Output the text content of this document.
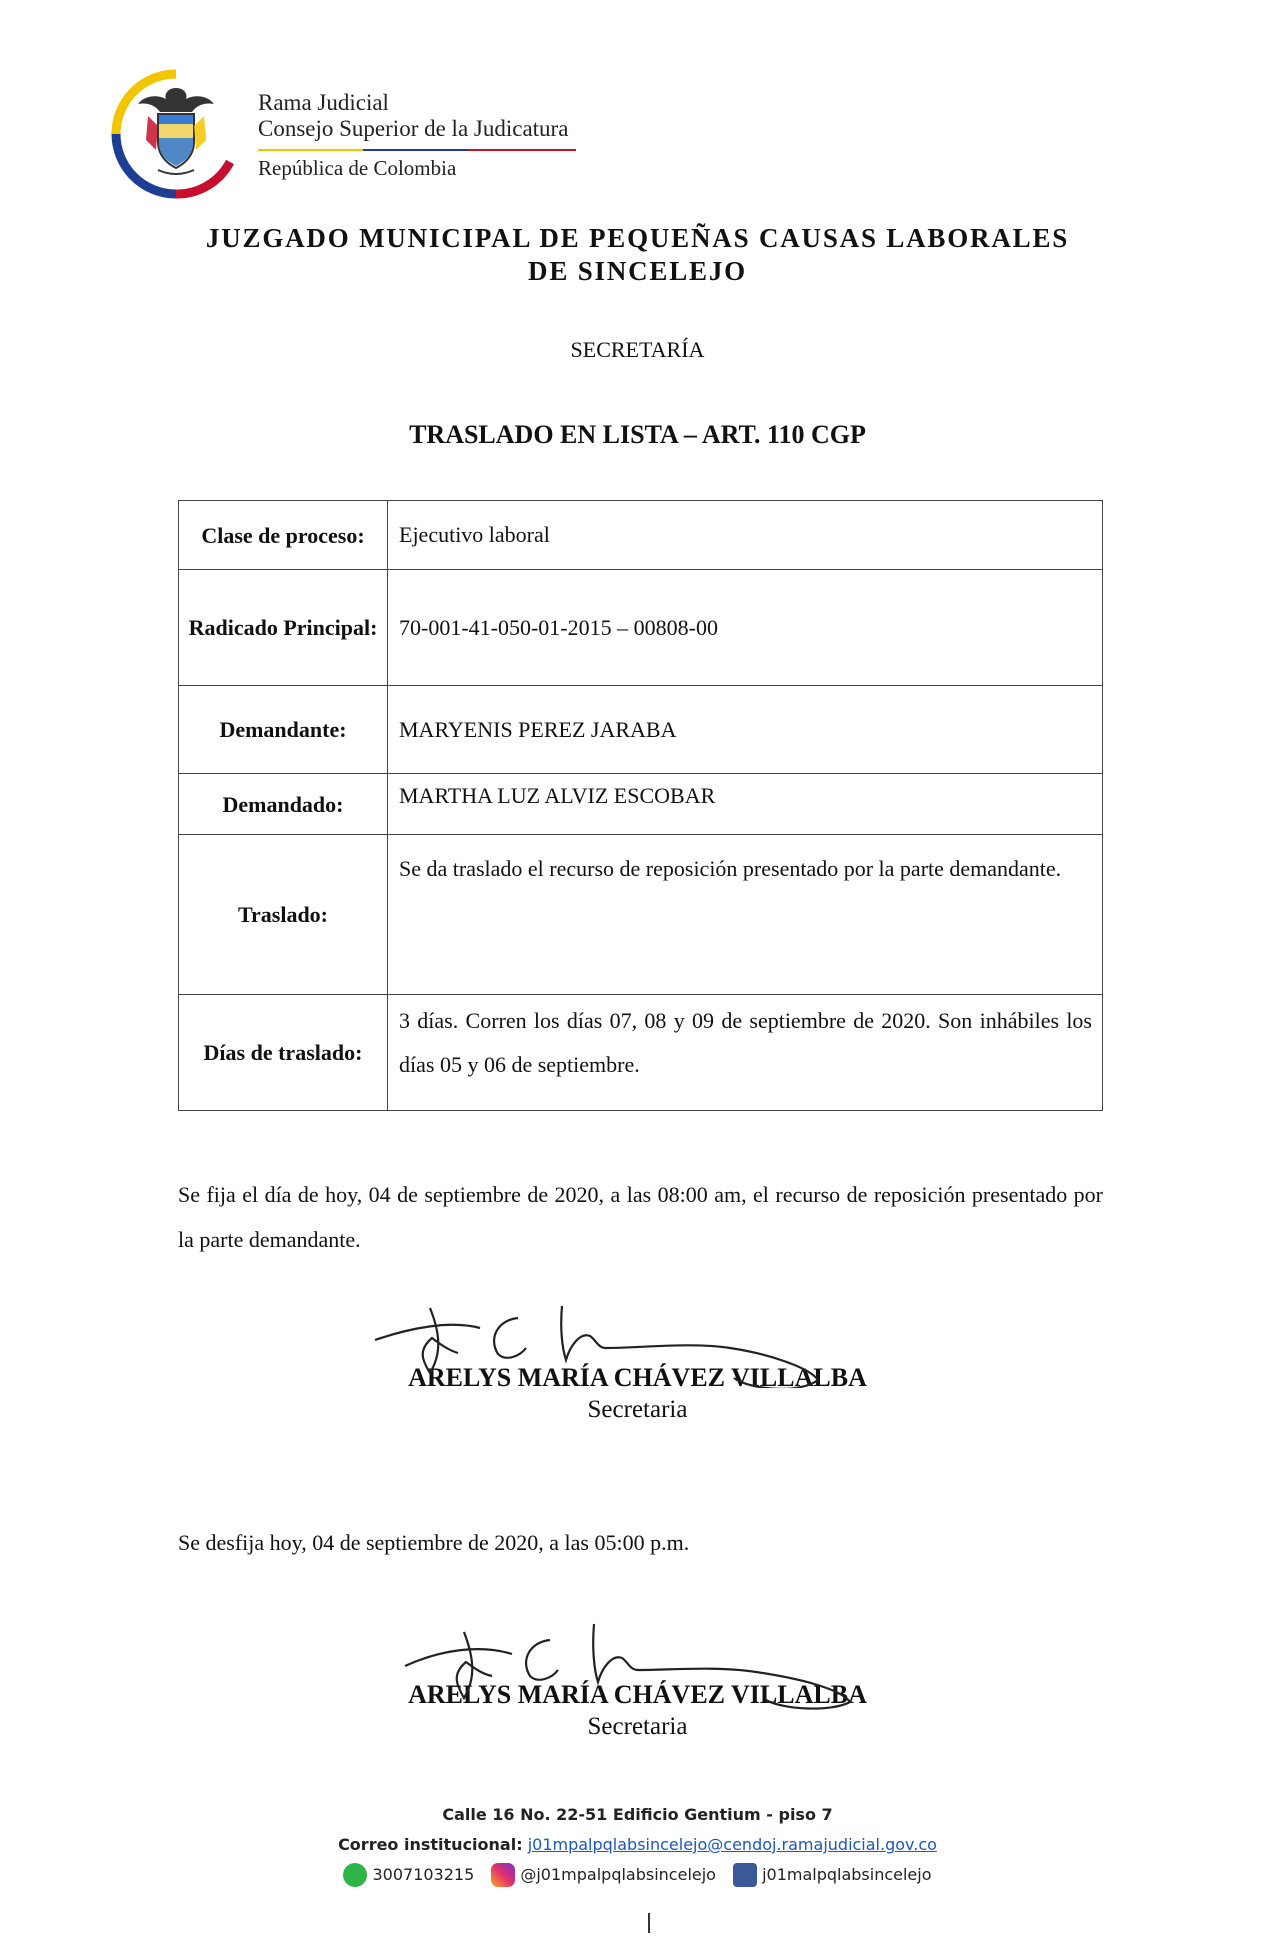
Rama Judicial
Consejo Superior de la Judicatura
República de Colombia
JUZGADO MUNICIPAL DE PEQUEÑAS CAUSAS LABORALES
DE SINCELEJO
SECRETARÍA
TRASLADO EN LISTA – ART. 110 CGP
Clase de proceso:	Ejecutivo laboral
Radicado Principal:	70-001-41-050-01-2015 – 00808-00
Demandante:	MARYENIS PEREZ JARABA
Demandado:	MARTHA LUZ ALVIZ ESCOBAR
Traslado:	Se da traslado el recurso de reposición presentado por la parte demandante.
Días de traslado:	3 días. Corren los días 07, 08 y 09 de septiembre de 2020. Son inhábiles los días 05 y 06 de septiembre.
Se fija el día de hoy, 04 de septiembre de 2020, a las 08:00 am, el recurso de reposición presentado por la parte demandante.
ARELYS MARÍA CHÁVEZ VILLALBA
Secretaria
Se desfija hoy, 04 de septiembre de 2020, a las 05:00 p.m.
ARELYS MARÍA CHÁVEZ VILLALBA
Secretaria
Calle 16 No. 22-51 Edificio Gentium - piso 7
Correo institucional: j01mpalpqlabsincelejo@cendoj.ramajudicial.gov.co
3007103215
	@j01mpalpqlabsincelejo
	j01malpqlabsincelejo
